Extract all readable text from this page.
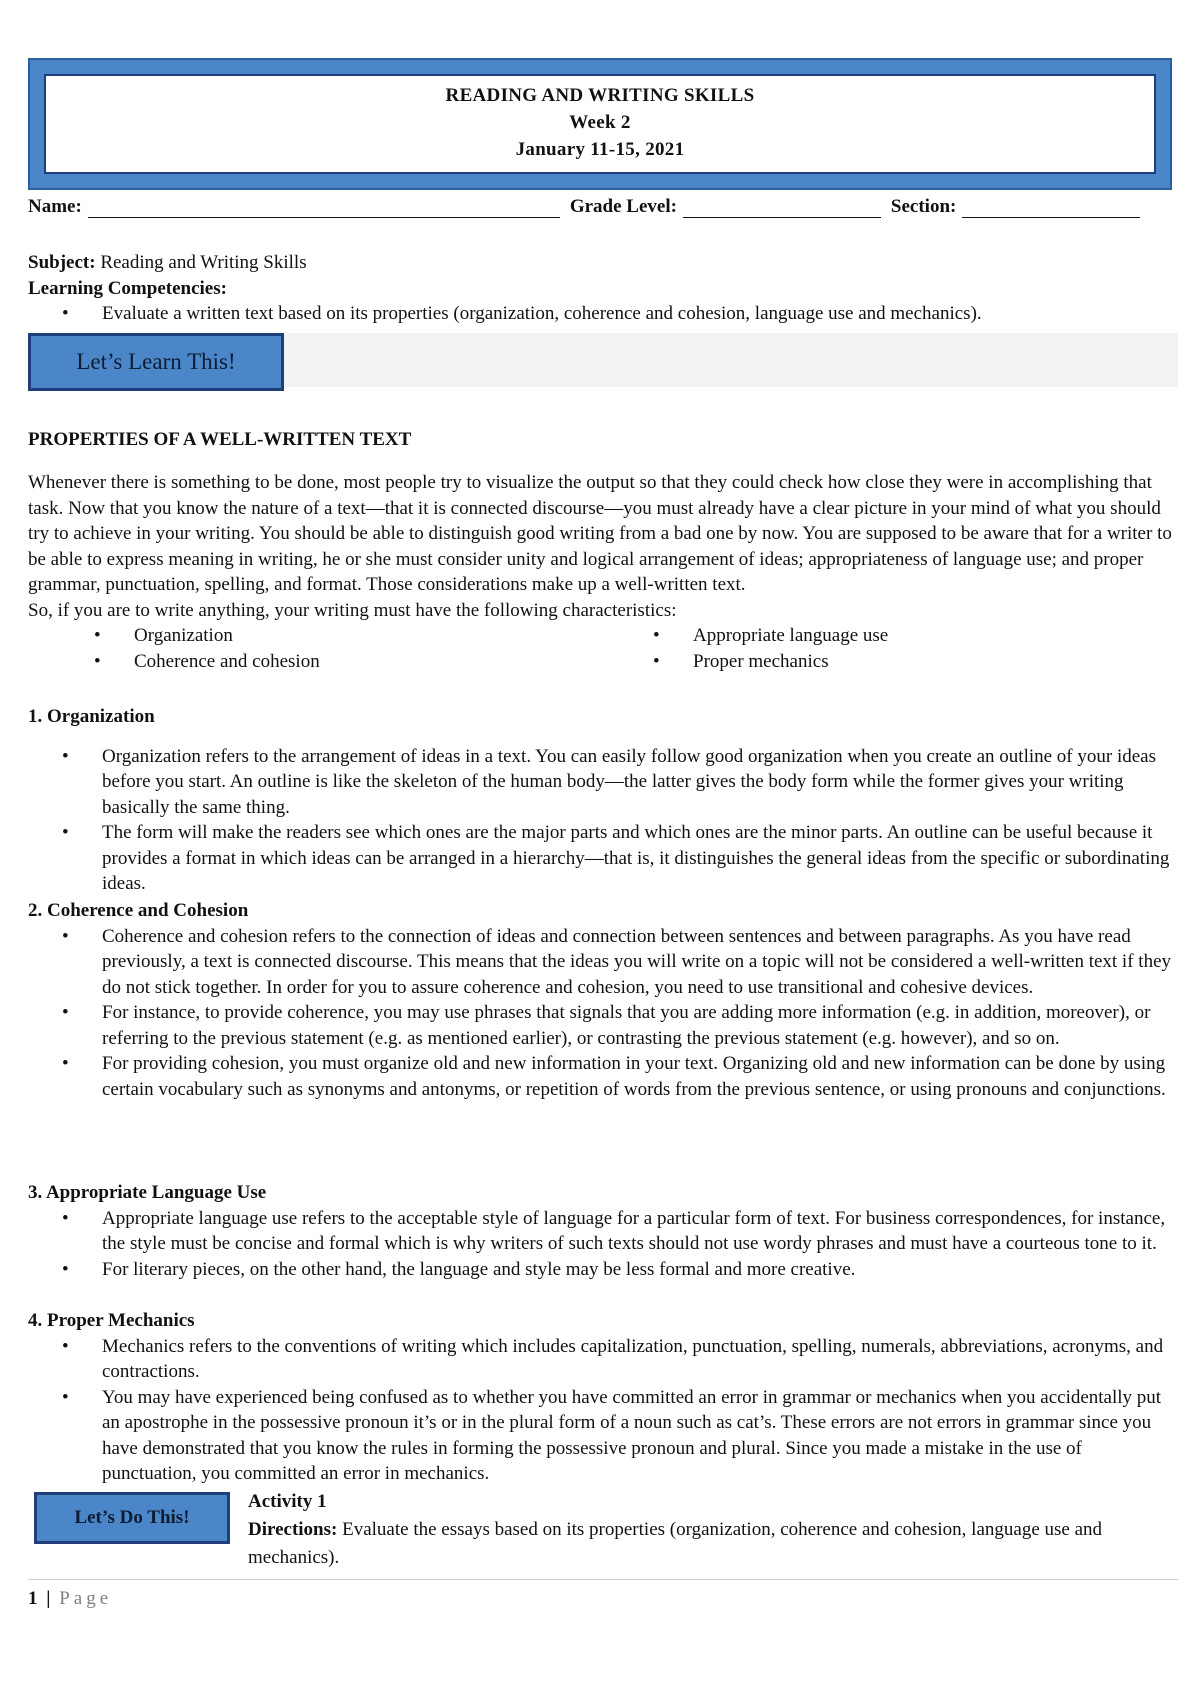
READING AND WRITING SKILLS
Week 2
January 11-15, 2021
Name:	Grade Level:	Section:
Subject: Reading and Writing Skills
Learning Competencies:
• Evaluate a written text based on its properties (organization, coherence and cohesion, language use and mechanics).
Let’s Learn This!
PROPERTIES OF A WELL-WRITTEN TEXT
Whenever there is something to be done, most people try to visualize the output so that they could check how close they were in accomplishing that task. Now that you know the nature of a text—that it is connected discourse—you must already have a clear picture in your mind of what you should try to achieve in your writing. You should be able to distinguish good writing from a bad one by now. You are supposed to be aware that for a writer to be able to express meaning in writing, he or she must consider unity and logical arrangement of ideas; appropriateness of language use; and proper grammar, punctuation, spelling, and format. Those considerations make up a well-written text.
So, if you are to write anything, your writing must have the following characteristics:
• Organization
• Coherence and cohesion
• Appropriate language use
• Proper mechanics
1. Organization
• Organization refers to the arrangement of ideas in a text. You can easily follow good organization when you create an outline of your ideas before you start. An outline is like the skeleton of the human body—the latter gives the body form while the former gives your writing basically the same thing.
• The form will make the readers see which ones are the major parts and which ones are the minor parts. An outline can be useful because it provides a format in which ideas can be arranged in a hierarchy—that is, it distinguishes the general ideas from the specific or subordinating ideas.
2. Coherence and Cohesion
• Coherence and cohesion refers to the connection of ideas and connection between sentences and between paragraphs. As you have read previously, a text is connected discourse. This means that the ideas you will write on a topic will not be considered a well-written text if they do not stick together. In order for you to assure coherence and cohesion, you need to use transitional and cohesive devices.
• For instance, to provide coherence, you may use phrases that signals that you are adding more information (e.g. in addition, moreover), or referring to the previous statement (e.g. as mentioned earlier), or contrasting the previous statement (e.g. however), and so on.
• For providing cohesion, you must organize old and new information in your text. Organizing old and new information can be done by using certain vocabulary such as synonyms and antonyms, or repetition of words from the previous sentence, or using pronouns and conjunctions.
3. Appropriate Language Use
• Appropriate language use refers to the acceptable style of language for a particular form of text. For business correspondences, for instance, the style must be concise and formal which is why writers of such texts should not use wordy phrases and must have a courteous tone to it.
• For literary pieces, on the other hand, the language and style may be less formal and more creative.
4. Proper Mechanics
• Mechanics refers to the conventions of writing which includes capitalization, punctuation, spelling, numerals, abbreviations, acronyms, and contractions.
• You may have experienced being confused as to whether you have committed an error in grammar or mechanics when you accidentally put an apostrophe in the possessive pronoun it’s or in the plural form of a noun such as cat’s. These errors are not errors in grammar since you have demonstrated that you know the rules in forming the possessive pronoun and plural. Since you made a mistake in the use of punctuation, you committed an error in mechanics.
Let’s Do This!
Activity 1
Directions: Evaluate the essays based on its properties (organization, coherence and cohesion, language use and mechanics).
1 | Page
